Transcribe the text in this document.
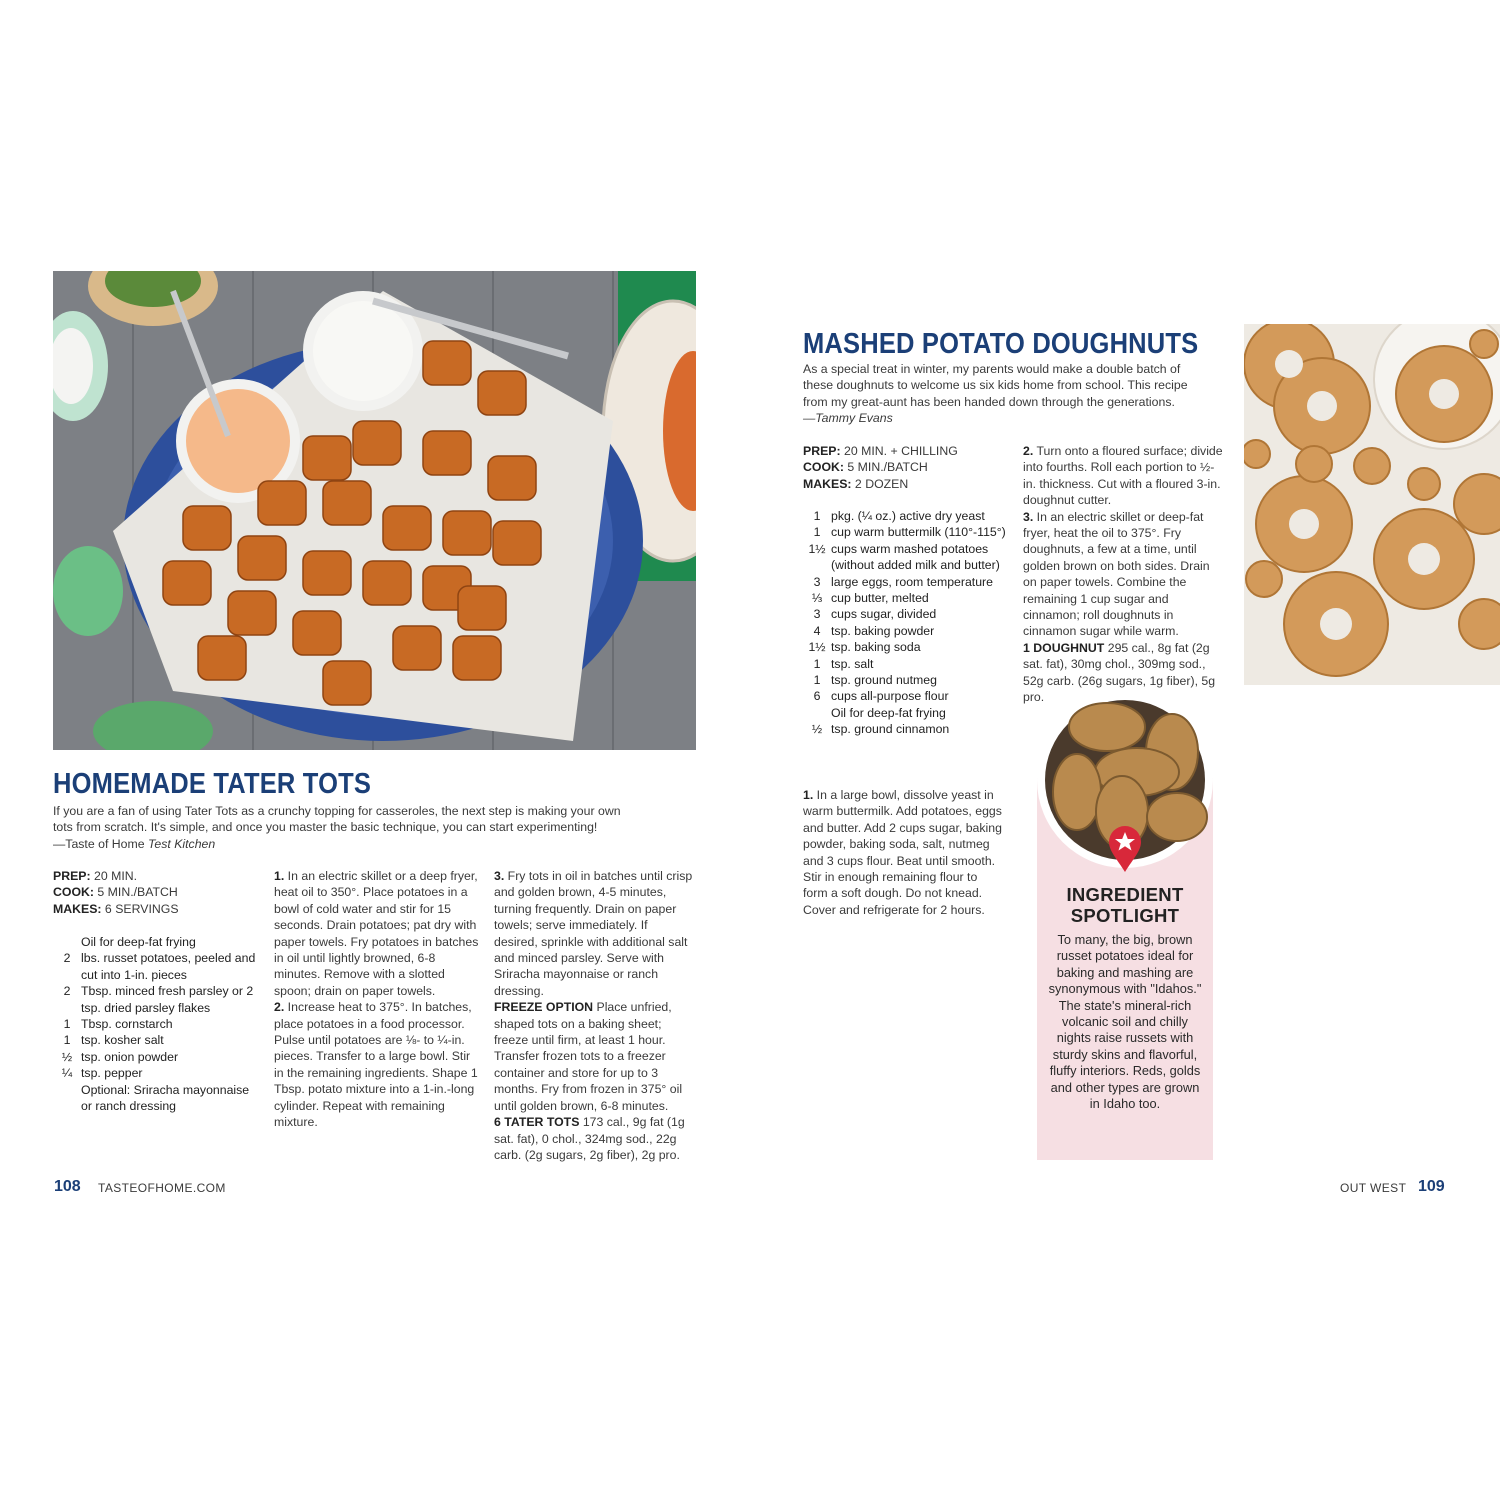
HOMEMADE TATER TOTS
If you are a fan of using Tater Tots as a crunchy topping for casseroles, the next step is making your own tots from scratch. It's simple, and once you master the basic technique, you can start experimenting!
—Taste of Home Test Kitchen
PREP: 20 MIN.
COOK: 5 MIN./BATCH
MAKES: 6 SERVINGS
Oil for deep-fat frying
2 lbs. russet potatoes, peeled and cut into 1-in. pieces
2 Tbsp. minced fresh parsley or 2 tsp. dried parsley flakes
1 Tbsp. cornstarch
1 tsp. kosher salt
½ tsp. onion powder
¼ tsp. pepper
Optional: Sriracha mayonnaise or ranch dressing

1. In an electric skillet or a deep fryer, heat oil to 350°. Place potatoes in a bowl of cold water and stir for 15 seconds. Drain potatoes; pat dry with paper towels. Fry potatoes in batches in oil until lightly browned, 6-8 minutes. Remove with a slotted spoon; drain on paper towels.

2. Increase heat to 375°. In batches, place potatoes in a food processor. Pulse until potatoes are ⅛- to ¼-in. pieces. Transfer to a large bowl. Stir in the remaining ingredients. Shape 1 Tbsp. potato mixture into a 1-in.-long cylinder. Repeat with remaining mixture.

3. Fry tots in oil in batches until crisp and golden brown, 4-5 minutes, turning frequently. Drain on paper towels; serve immediately. If desired, sprinkle with additional salt and minced parsley. Serve with Sriracha mayonnaise or ranch dressing.

FREEZE OPTION Place unfried, shaped tots on a baking sheet; freeze until firm, at least 1 hour. Transfer frozen tots to a freezer container and store for up to 3 months. Fry from frozen in 375° oil until golden brown, 6-8 minutes.

6 TATER TOTS 173 cal., 9g fat (1g sat. fat), 0 chol., 324mg sod., 22g carb. (2g sugars, 2g fiber), 2g pro.

108 TASTEOFHOME.COM
MASHED POTATO DOUGHNUTS
As a special treat in winter, my parents would make a double batch of these doughnuts to welcome us six kids home from school. This recipe from my great-aunt has been handed down through the generations.
—Tammy Evans
PREP: 20 MIN. + CHILLING
COOK: 5 MIN./BATCH
MAKES: 2 DOZEN
1 pkg. (¼ oz.) active dry yeast
1 cup warm buttermilk (110°-115°)
1½ cups warm mashed potatoes (without added milk and butter)
3 large eggs, room temperature
⅓ cup butter, melted
3 cups sugar, divided
4 tsp. baking powder
1½ tsp. baking soda
1 tsp. salt
1 tsp. ground nutmeg
6 cups all-purpose flour
Oil for deep-fat frying
½ tsp. ground cinnamon

1. In a large bowl, dissolve yeast in warm buttermilk. Add potatoes, eggs and butter. Add 2 cups sugar, baking powder, baking soda, salt, nutmeg and 3 cups flour. Beat until smooth. Stir in enough remaining flour to form a soft dough. Do not knead. Cover and refrigerate for 2 hours.

2. Turn onto a floured surface; divide into fourths. Roll each portion to ½-in. thickness. Cut with a floured 3-in. doughnut cutter.

3. In an electric skillet or deep-fat fryer, heat the oil to 375°. Fry doughnuts, a few at a time, until golden brown on both sides. Drain on paper towels. Combine the remaining 1 cup sugar and cinnamon; roll doughnuts in cinnamon sugar while warm.

1 DOUGHNUT 295 cal., 8g fat (2g sat. fat), 30mg chol., 309mg sod., 52g carb. (26g sugars, 1g fiber), 5g pro.

INGREDIENT
SPOTLIGHT
To many, the big, brown russet potatoes ideal for baking and mashing are synonymous with "Idahos." The state's mineral-rich volcanic soil and chilly nights raise russets with sturdy skins and flavorful, fluffy interiors. Reds, golds and other types are grown in Idaho too.
OUT WEST 109
